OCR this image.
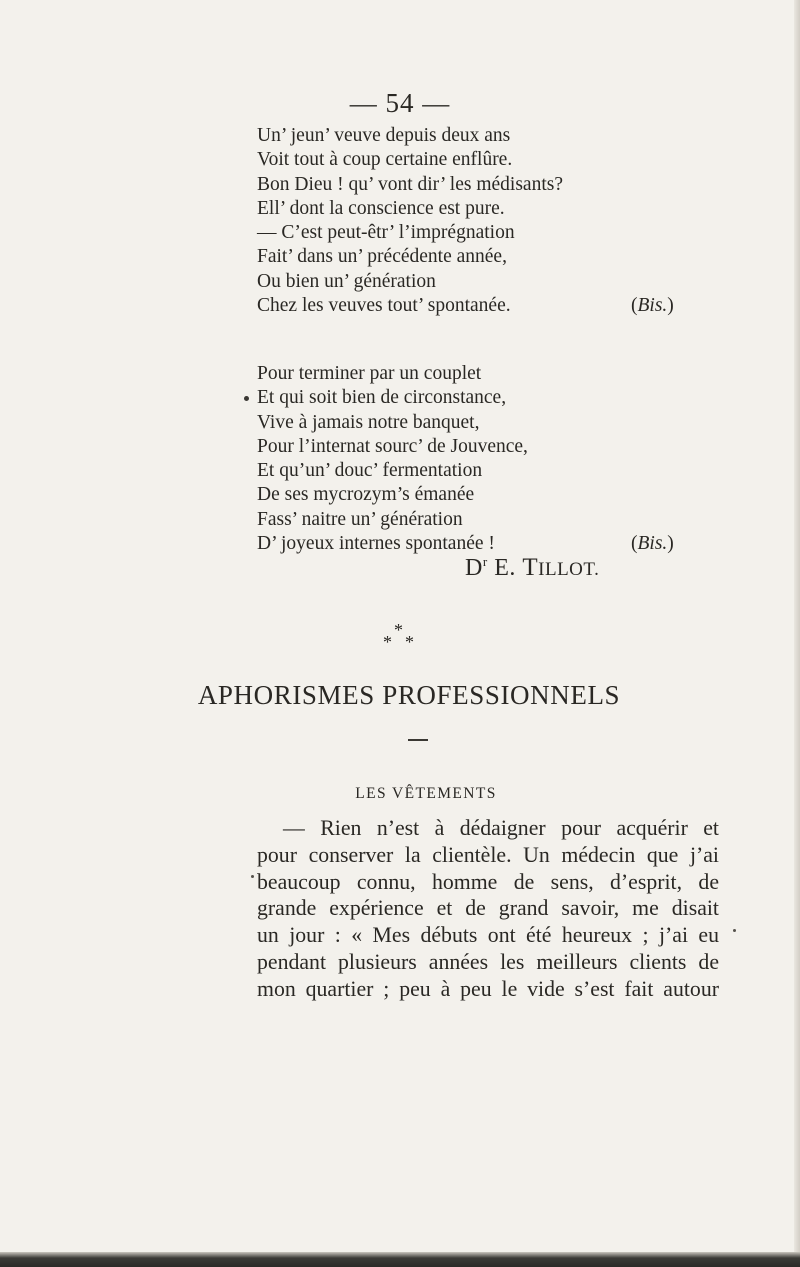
— 54 —
Un’ jeun’ veuve depuis deux ans
Voit tout à coup certaine enflûre.
Bon Dieu ! qu’ vont dir’ les médisants?
Ell’ dont la conscience est pure.
— C’est peut-êtr’ l’imprégnation
Fait’ dans un’ précédente année,
Ou bien un’ génération
Chez les veuves tout’ spontanée.	(Bis.)
Pour terminer par un couplet
Et qui soit bien de circonstance,
Vive à jamais notre banquet,
Pour l’internat sourc’ de Jouvence,
Et qu’un’ douc’ fermentation
De ses mycrozym’s émanée
Fass’ naitre un’ génération
D’ joyeux internes spontanée !	(Bis.)
$D^r$ E. TILLOT.
*
* *
APHORISMES PROFESSIONNELS
LES VÊTEMENTS
— Rien n’est à dédaigner pour acquérir et
pour conserver la clientèle. Un médecin que j’ai
beaucoup connu, homme de sens, d’esprit, de
grande expérience et de grand savoir, me disait
un jour : « Mes débuts ont été heureux ; j’ai eu
pendant plusieurs années les meilleurs clients de
mon quartier ; peu à peu le vide s’est fait autour
